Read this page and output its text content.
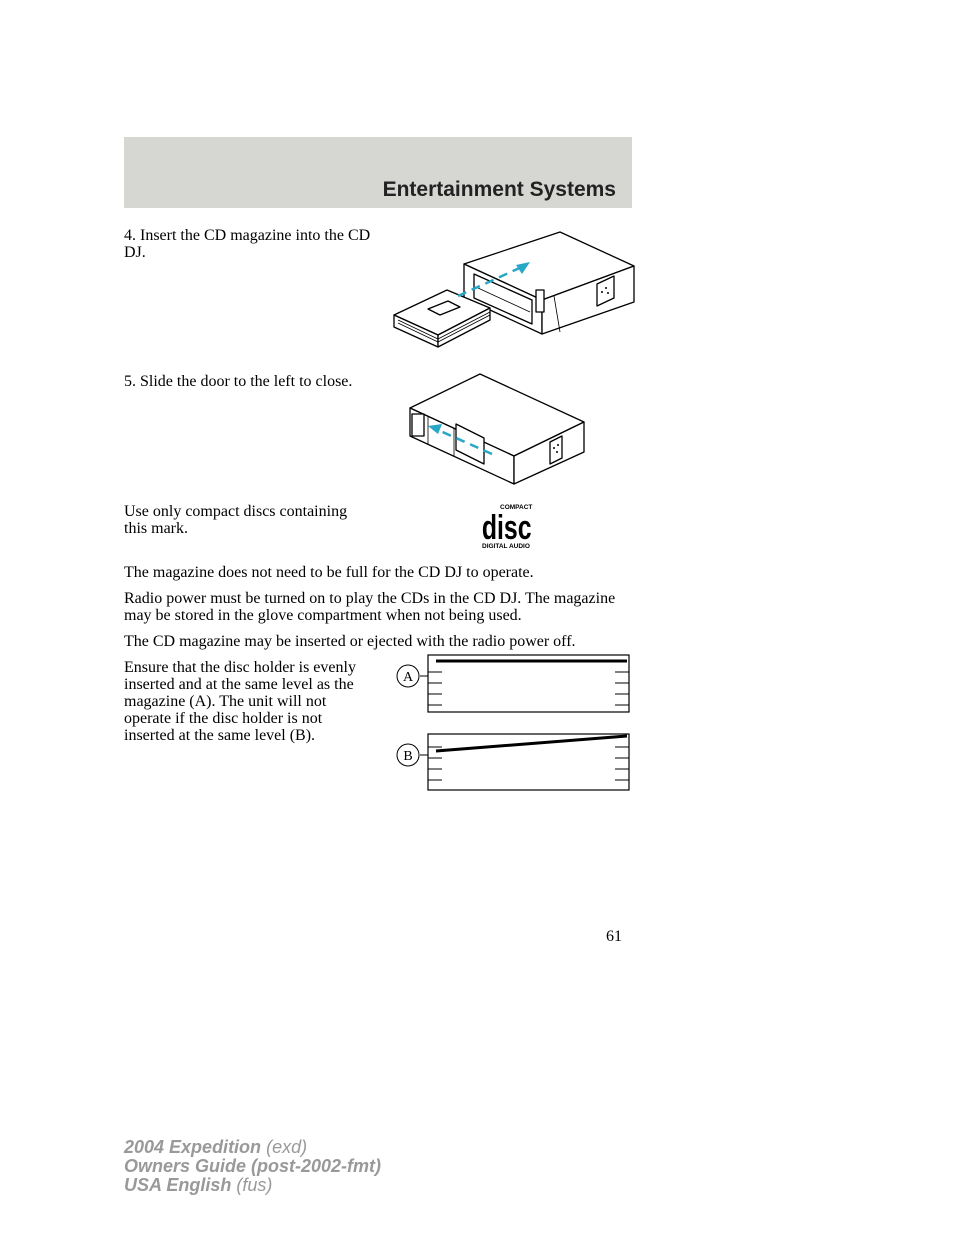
Entertainment Systems
4. Insert the CD magazine into the CD DJ.
5. Slide the door to the left to close.
Use only compact discs containing this mark.
COMPACT
disc
DIGITAL AUDIO
The magazine does not need to be full for the CD DJ to operate.
Radio power must be turned on to play the CDs in the CD DJ. The magazine may be stored in the glove compartment when not being used.
The CD magazine may be inserted or ejected with the radio power off.
Ensure that the disc holder is evenly inserted and at the same level as the magazine (A). The unit will not operate if the disc holder is not inserted at the same level (B).
A
B
61
2004 Expedition (exd)
Owners Guide (post-2002-fmt)
USA English (fus)
